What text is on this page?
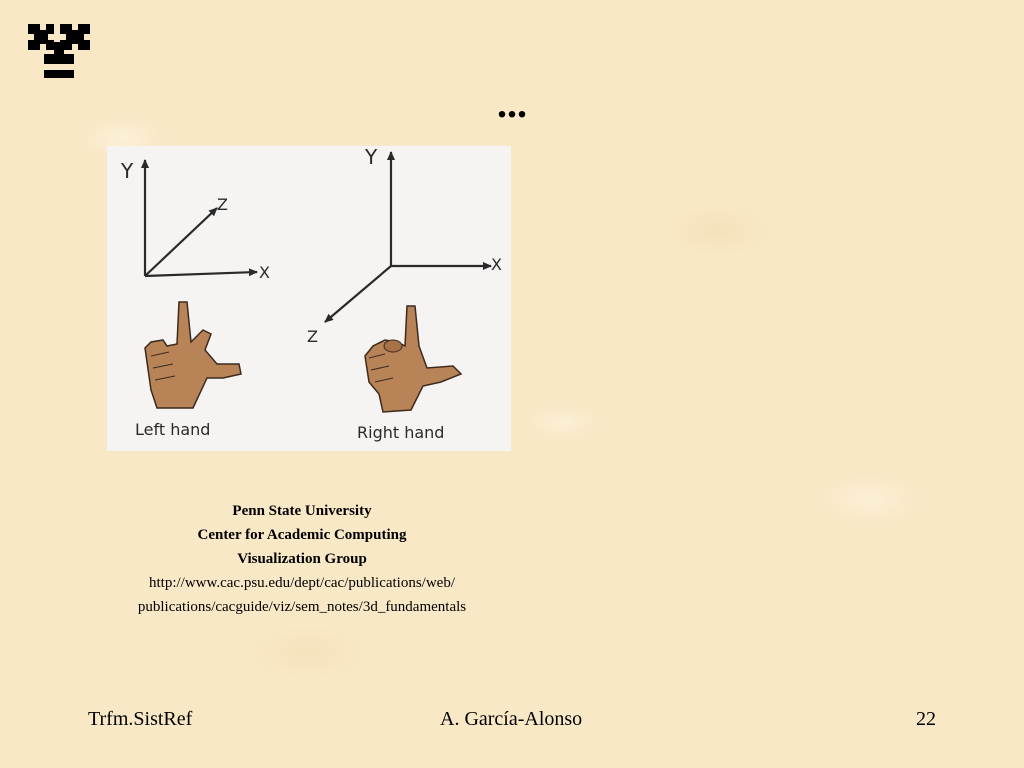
...
Y
X
Z
Y
X
Z
Left hand	Right hand
Penn State University
Center for Academic Computing
Visualization Group
http://www.cac.psu.edu/dept/cac/publications/web/
publications/cacguide/viz/sem_notes/3d_fundamentals
Trfm.SistRef	A. García-Alonso	22
